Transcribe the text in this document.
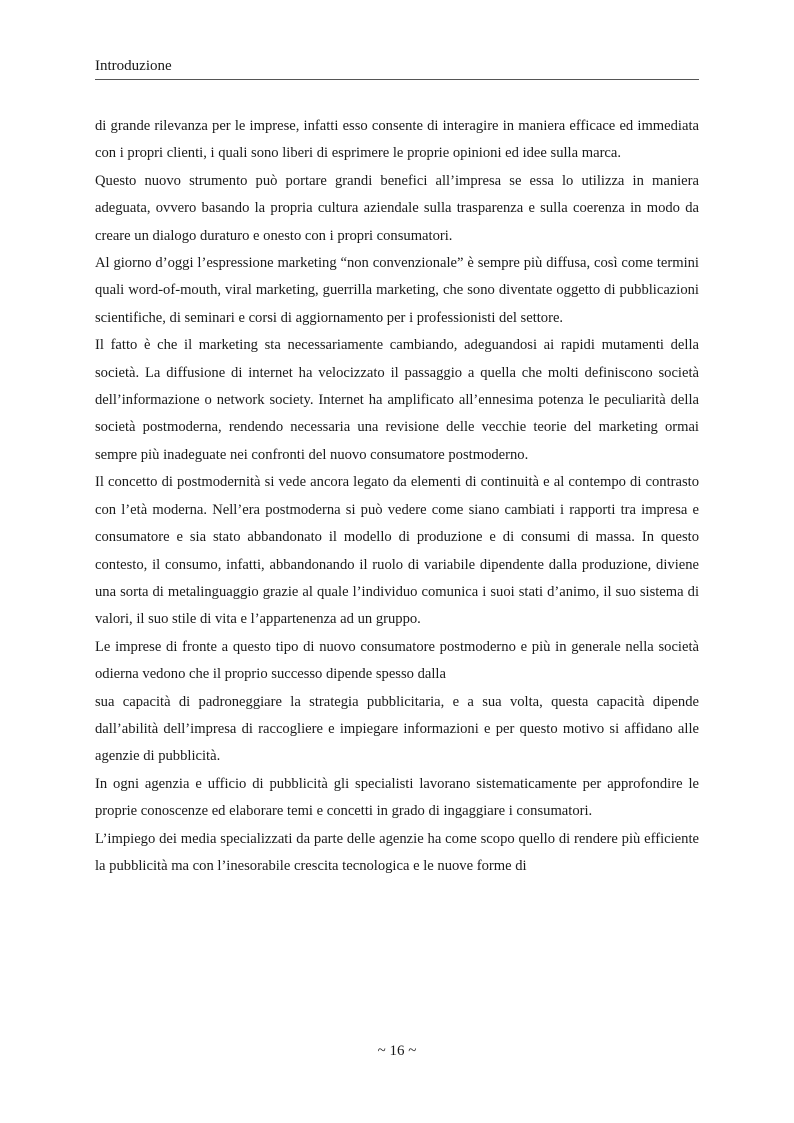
Introduzione

di grande rilevanza per le imprese, infatti esso consente di interagire in maniera efficace ed immediata con i propri clienti, i quali sono liberi di esprimere le proprie opinioni ed idee sulla marca.

Questo nuovo strumento può portare grandi benefici all’impresa se essa lo utilizza in maniera adeguata, ovvero basando la propria cultura aziendale sulla trasparenza e sulla coerenza in modo da creare un dialogo duraturo e onesto con i propri consumatori.

Al giorno d’oggi l’espressione marketing “non convenzionale” è sempre più diffusa, così come termini quali word-of-mouth, viral marketing, guerrilla marketing, che sono diventate oggetto di pubblicazioni scientifiche, di seminari e corsi di aggiornamento per i professionisti del settore.

Il fatto è che il marketing sta necessariamente cambiando, adeguandosi ai rapidi mutamenti della società. La diffusione di internet ha velocizzato il passaggio a quella che molti definiscono società dell’informazione o network society. Internet ha amplificato all’ennesima potenza le peculiarità della società postmoderna, rendendo necessaria una revisione delle vecchie teorie del marketing ormai sempre più inadeguate nei confronti del nuovo consumatore postmoderno.

Il concetto di postmodernità si vede ancora legato da elementi di continuità e al contempo di contrasto con l’età moderna. Nell’era postmoderna si può vedere come siano cambiati i rapporti tra impresa e consumatore e sia stato abbandonato il modello di produzione e di consumi di massa. In questo contesto, il consumo, infatti, abbandonando il ruolo di variabile dipendente dalla produzione, diviene una sorta di metalinguaggio grazie al quale l’individuo comunica i suoi stati d’animo, il suo sistema di valori, il suo stile di vita e l’appartenenza ad un gruppo.

Le imprese di fronte a questo tipo di nuovo consumatore postmoderno e più in generale nella società odierna vedono che il proprio successo dipende spesso dalla

sua capacità di padroneggiare la strategia pubblicitaria, e a sua volta, questa capacità dipende dall’abilità dell’impresa di raccogliere e impiegare informazioni e per questo motivo si affidano alle agenzie di pubblicità.

In ogni agenzia e ufficio di pubblicità gli specialisti lavorano sistematicamente per approfondire le proprie conoscenze ed elaborare temi e concetti in grado di ingaggiare i consumatori.

L’impiego dei media specializzati da parte delle agenzie ha come scopo quello di rendere più efficiente la pubblicità ma con l’inesorabile crescita tecnologica e le nuove forme di

~ 16 ~
